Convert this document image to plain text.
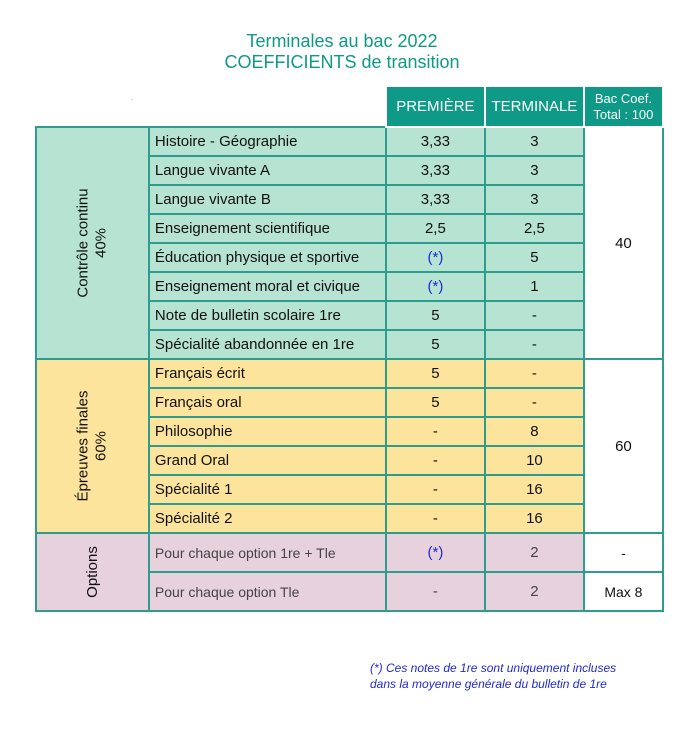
Terminales au bac 2022
COEFFICIENTS de transition
.
		PREMIÈRE	TERMINALE	Bac Coef.
Total : 100

Contrôle continu 40%	Histoire - Géographie	3,33	3	40
	Langue vivante A	3,33	3	
	Langue vivante B	3,33	3	
	Enseignement scientifique	2,5	2,5	
	Éducation physique et sportive	(*)	5	
	Enseignement moral et civique	(*)	1	
	Note de bulletin scolaire 1re	5	-	
	Spécialité abandonnée en 1re	5	-	

Épreuves finales 60%	Français écrit	5	-	60
	Français oral	5	-	
	Philosophie	-	8	
	Grand Oral	-	10	
	Spécialité 1	-	16	
	Spécialité 2	-	16	
Options	Pour chaque option 1re + Tle	(*)	2	-
	Pour chaque option Tle	-	2	Max 8
(*) Ces notes de 1re sont uniquement incluses
dans la moyenne générale du bulletin de 1re
